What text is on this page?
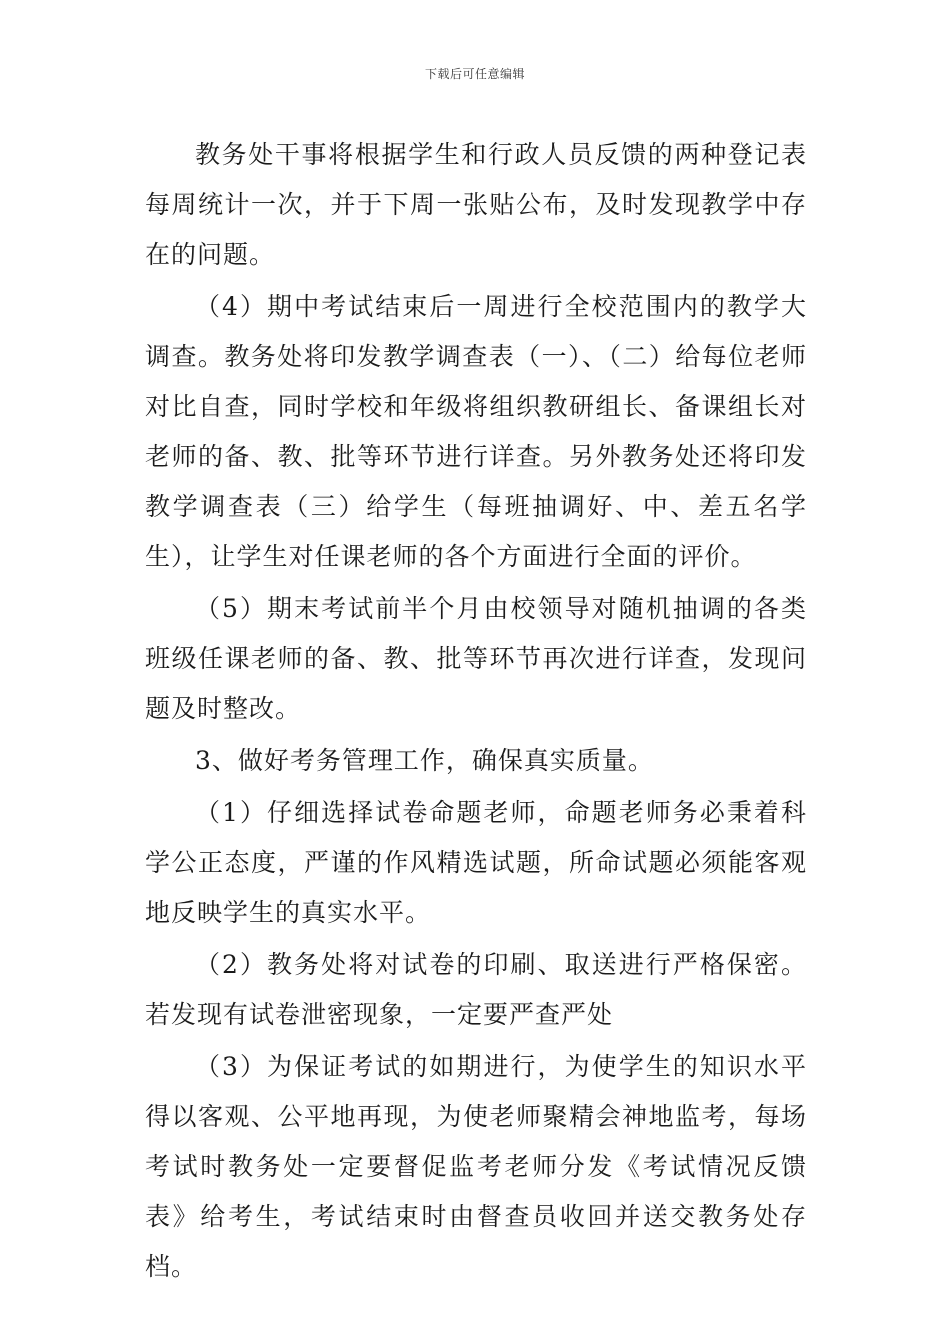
下载后可任意编辑

教务处干事将根据学生和行政人员反馈的两种登记表每周统计一次，并于下周一张贴公布，及时发现教学中存在的问题。

（4）期中考试结束后一周进行全校范围内的教学大调查。教务处将印发教学调查表（一）、（二）给每位老师对比自查，同时学校和年级将组织教研组长、备课组长对老师的备、教、批等环节进行详查。另外教务处还将印发教学调查表（三）给学生（每班抽调好、中、差五名学生），让学生对任课老师的各个方面进行全面的评价。

（5）期末考试前半个月由校领导对随机抽调的各类班级任课老师的备、教、批等环节再次进行详查，发现问题及时整改。

3、做好考务管理工作，确保真实质量。

（1）仔细选择试卷命题老师，命题老师务必秉着科学公正态度，严谨的作风精选试题，所命试题必须能客观地反映学生的真实水平。

（2）教务处将对试卷的印刷、取送进行严格保密。若发现有试卷泄密现象，一定要严查严处

（3）为保证考试的如期进行，为使学生的知识水平得以客观、公平地再现，为使老师聚精会神地监考，每场考试时教务处一定要督促监考老师分发《考试情况反馈表》给考生，考试结束时由督查员收回并送交教务处存档。
